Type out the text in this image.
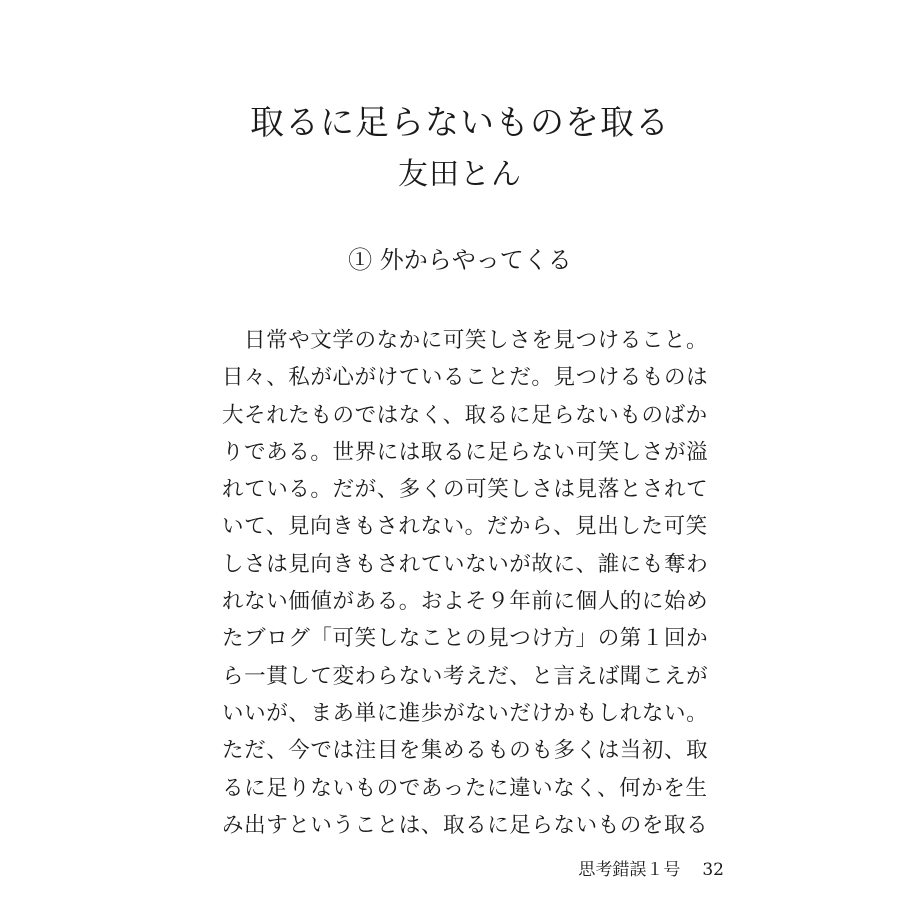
取るに足らないものを取る
友田とん
① 外からやってくる
日常や文学のなかに可笑しさを見つけること。
日々、私が心がけていることだ。見つけるものは
大それたものではなく、取るに足らないものばか
りである。世界には取るに足らない可笑しさが溢
れている。だが、多くの可笑しさは見落とされて
いて、見向きもされない。だから、見出した可笑
しさは見向きもされていないが故に、誰にも奪わ
れない価値がある。およそ９年前に個人的に始め
たブログ「可笑しなことの見つけ方」の第１回か
ら一貫して変わらない考えだ、と言えば聞こえが
いいが、まあ単に進歩がないだけかもしれない。
ただ、今では注目を集めるものも多くは当初、取
るに足りないものであったに違いなく、何かを生
み出すということは、取るに足らないものを取る
思考錯誤１号 32
